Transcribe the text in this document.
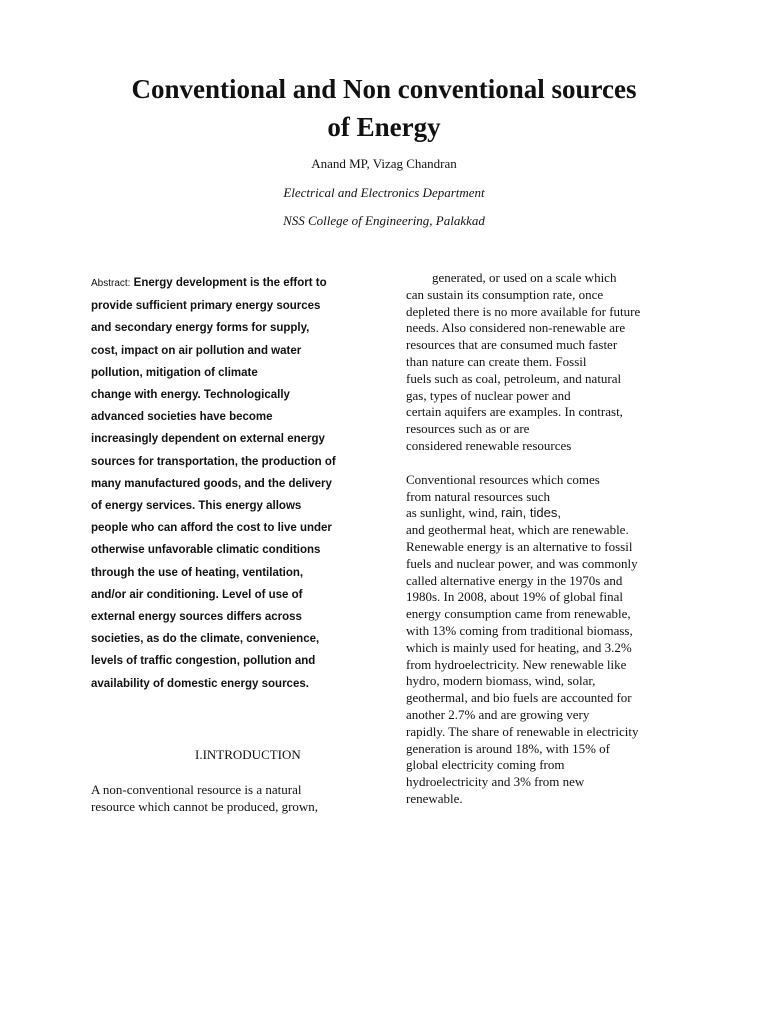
Conventional and Non conventional sources
of Energy
Anand MP, Vizag Chandran
Electrical and Electronics Department
NSS College of Engineering, Palakkad
Abstract: Energy development is the effort to
provide sufficient primary energy sources
and secondary energy forms for supply,
cost, impact on air pollution and water
pollution, mitigation of climate
change with energy. Technologically
advanced societies have become
increasingly dependent on external energy
sources for transportation, the production of
many manufactured goods, and the delivery
of energy services. This energy allows
people who can afford the cost to live under
otherwise unfavorable climatic conditions
through the use of heating, ventilation,
and/or air conditioning. Level of use of
external energy sources differs across
societies, as do the climate, convenience,
levels of traffic congestion, pollution and
availability of domestic energy sources.
I.INTRODUCTION
A non-conventional resource is a natural
resource which cannot be produced, grown,
generated, or used on a scale which
can sustain its consumption rate, once
depleted there is no more available for future
needs. Also considered non-renewable are
resources that are consumed much faster
than nature can create them. Fossil
fuels such as coal, petroleum, and natural
gas, types of nuclear power and
certain aquifers are examples. In contrast,
resources such as or are
considered renewable resources
Conventional resources which comes
from natural resources such
as sunlight, wind, rain, tides,
and geothermal heat, which are renewable.
Renewable energy is an alternative to fossil
fuels and nuclear power, and was commonly
called alternative energy in the 1970s and
1980s. In 2008, about 19% of global final
energy consumption came from renewable,
with 13% coming from traditional biomass,
which is mainly used for heating, and 3.2%
from hydroelectricity. New renewable like
hydro, modern biomass, wind, solar,
geothermal, and bio fuels are accounted for
another 2.7% and are growing very
rapidly. The share of renewable in electricity
generation is around 18%, with 15% of
global electricity coming from
hydroelectricity and 3% from new
renewable.
